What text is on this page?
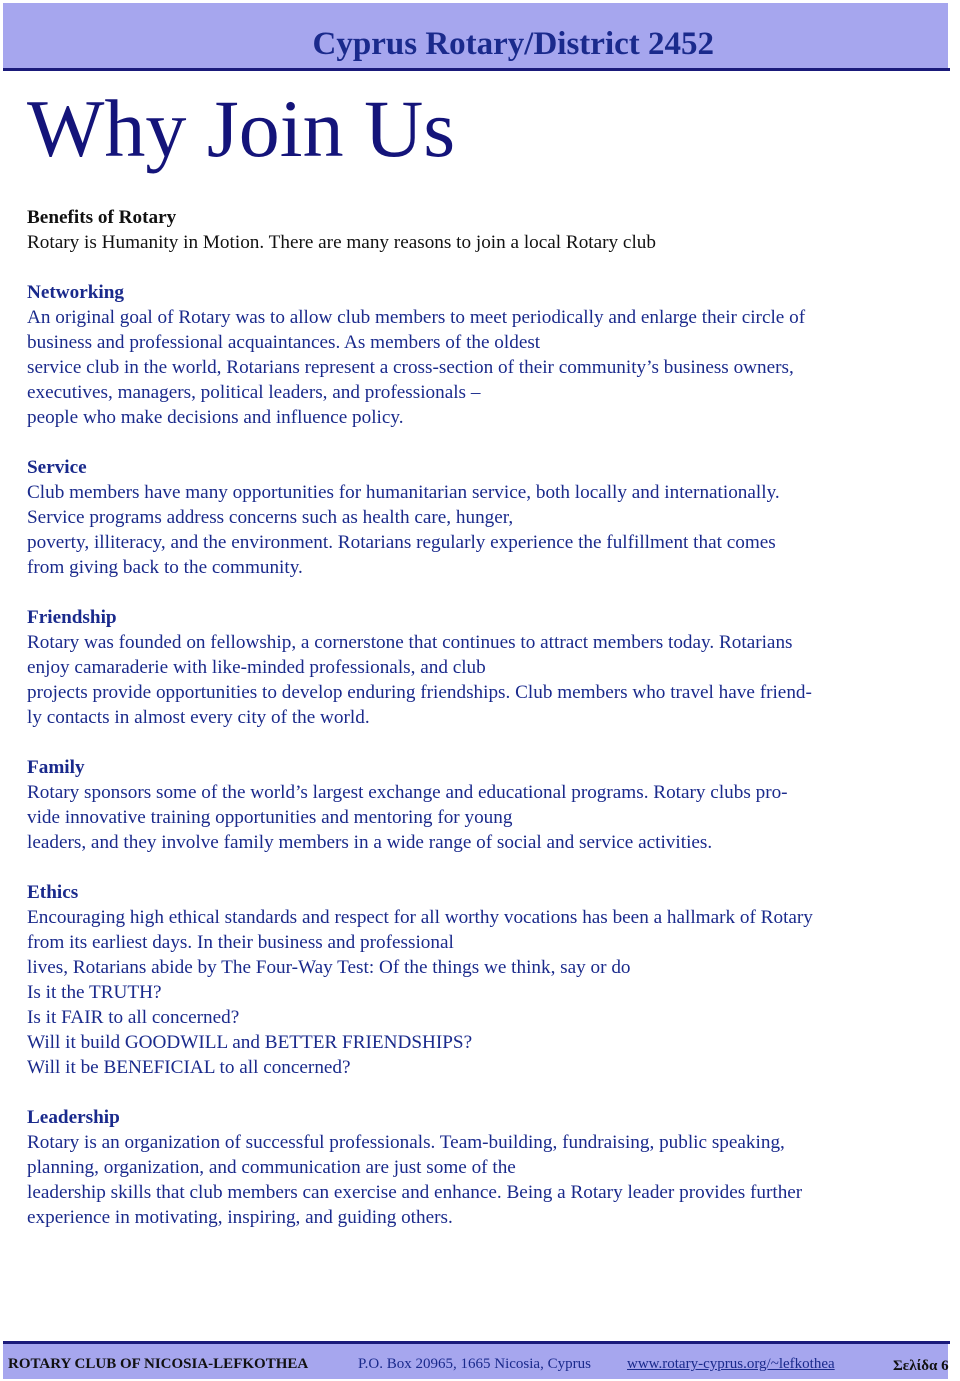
Cyprus Rotary/District 2452
Why Join Us
Benefits of Rotary
Rotary is Humanity in Motion. There are many reasons to join a local Rotary club
Networking
An original goal of Rotary was to allow club members to meet periodically and enlarge their circle of
business and professional acquaintances. As members of the oldest
service club in the world, Rotarians represent a cross-section of their community’s business owners,
executives, managers, political leaders, and professionals –
people who make decisions and influence policy.
Service
Club members have many opportunities for humanitarian service, both locally and internationally.
Service programs address concerns such as health care, hunger,
poverty, illiteracy, and the environment. Rotarians regularly experience the fulfillment that comes
from giving back to the community.
Friendship
Rotary was founded on fellowship, a cornerstone that continues to attract members today. Rotarians
enjoy camaraderie with like-minded professionals, and club
projects provide opportunities to develop enduring friendships. Club members who travel have friend-
ly contacts in almost every city of the world.
Family
Rotary sponsors some of the world’s largest exchange and educational programs. Rotary clubs pro-
vide innovative training opportunities and mentoring for young
leaders, and they involve family members in a wide range of social and service activities.
Ethics
Encouraging high ethical standards and respect for all worthy vocations has been a hallmark of Rotary
from its earliest days. In their business and professional
lives, Rotarians abide by The Four-Way Test: Of the things we think, say or do
Is it the TRUTH?
Is it FAIR to all concerned?
Will it build GOODWILL and BETTER FRIENDSHIPS?
Will it be BENEFICIAL to all concerned?
Leadership
Rotary is an organization of successful professionals. Team-building, fundraising, public speaking,
planning, organization, and communication are just some of the
leadership skills that club members can exercise and enhance. Being a Rotary leader provides further
experience in motivating, inspiring, and guiding others.
ROTARY CLUB OF NICOSIA-LEFKOTHEA	P.O. Box 20965, 1665 Nicosia, Cyprus www.rotary-cyprus.org/~lefkothea	Σελίδα 6
